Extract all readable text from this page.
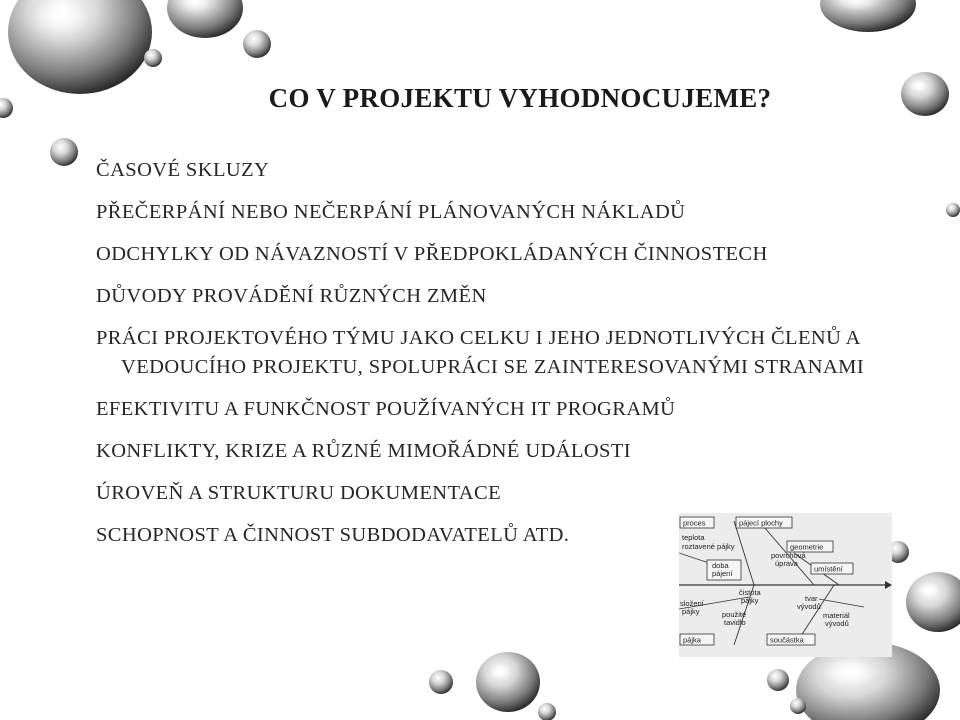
CO V PROJEKTU VYHODNOCUJEME?
ČASOVÉ SKLUZY
PŘEČERPÁNÍ NEBO NEČERPÁNÍ PLÁNOVANÝCH NÁKLADŮ
ODCHYLKY OD NÁVAZNOSTÍ V PŘEDPOKLÁDANÝCH ČINNOSTECH
DŮVODY PROVÁDĚNÍ RŮZNÝCH ZMĚN
PRÁCI PROJEKTOVÉHO TÝMU JAKO CELKU I JEHO JEDNOTLIVÝCH ČLENŮ A VEDOUCÍHO PROJEKTU, SPOLUPRÁCI SE ZAINTERESOVANÝMI STRANAMI
EFEKTIVITU A FUNKČNOST POUŽÍVANÝCH IT PROGRAMŮ
KONFLIKTY, KRIZE A RŮZNÉ MIMOŘÁDNÉ UDÁLOSTI
ÚROVEŇ A STRUKTURU DOKUMENTACE
SCHOPNOST A ČINNOST SUBDODAVATELŮ ATD.
proces	pájecí plochy
geometrie
doba pájení	umístění
pájka	součástka
teplota
roztavené pájky
povrchová
úprava
čistota
pájky	tvar
vývodů
složení
pájky	použité
tavidlo
materiál
vývodů
